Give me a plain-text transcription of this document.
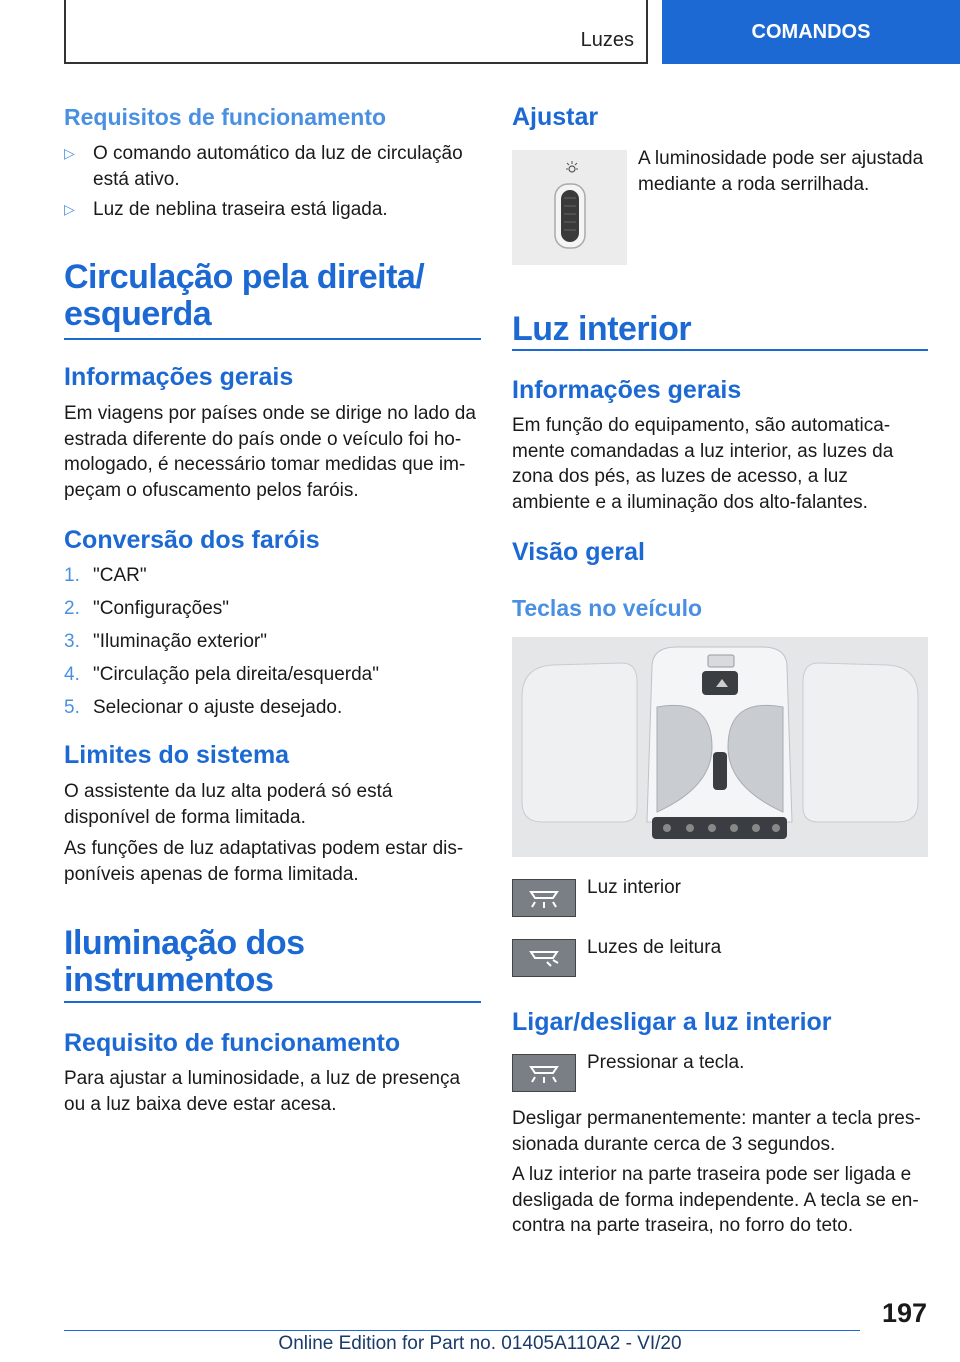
Luzes	COMANDOS
Requisitos de funcionamento
▷ O comando automático da luz de circulação está ativo.
▷ Luz de neblina traseira está ligada.
Circulação pela direita/
esquerda
Informações gerais
Em viagens por países onde se dirige no lado da estrada diferente do país onde o veículo foi homologado, é necessário tomar medidas que impeçam o ofuscamento pelos faróis.
Conversão dos faróis
1. "CAR"
2. "Configurações"
3. "Iluminação exterior"
4. "Circulação pela direita/esquerda"
5. Selecionar o ajuste desejado.
Limites do sistema
O assistente da luz alta poderá só está disponível de forma limitada.
As funções de luz adaptativas podem estar disponíveis apenas de forma limitada.
Iluminação dos
instrumentos
Requisito de funcionamento
Para ajustar a luminosidade, a luz de presença ou a luz baixa deve estar acesa.
Ajustar
A luminosidade pode ser ajustada mediante a roda serrilhada.
Luz interior
Informações gerais
Em função do equipamento, são automaticamente comandadas a luz interior, as luzes da zona dos pés, as luzes de acesso, a luz ambiente e a iluminação dos alto-falantes.
Visão geral
Teclas no veículo
Luz interior
Luzes de leitura
Ligar/desligar a luz interior
Pressionar a tecla.
Desligar permanentemente: manter a tecla pressionada durante cerca de 3 segundos.
A luz interior na parte traseira pode ser ligada e desligada de forma independente. A tecla se encontra na parte traseira, no forro do teto.
197
Online Edition for Part no. 01405A110A2 - VI/20
